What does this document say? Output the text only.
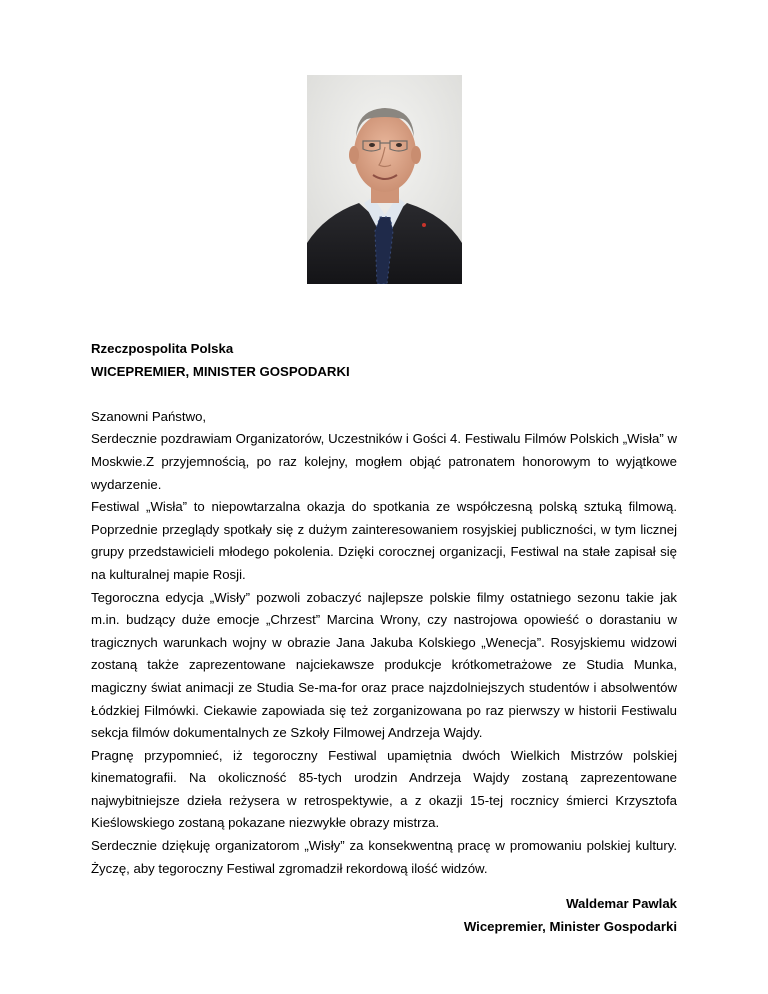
Rzeczpospolita Polska

WICEPREMIER, MINISTER GOSPODARKI

Szanowni Państwo,

Serdecznie pozdrawiam Organizatorów, Uczestników i Gości 4. Festiwalu Filmów Polskich „Wisła” w Moskwie.Z przyjemnością, po raz kolejny, mogłem objąć patronatem honorowym to wyjątkowe wydarzenie.

Festiwal „Wisła” to niepowtarzalna okazja do spotkania ze współczesną polską sztuką filmową. Poprzednie przeglądy spotkały się z dużym zainteresowaniem rosyjskiej publiczności, w tym licznej grupy przedstawicieli młodego pokolenia. Dzięki corocznej organizacji, Festiwal na stałe zapisał się na kulturalnej mapie Rosji.

Tegoroczna edycja „Wisły” pozwoli zobaczyć najlepsze polskie filmy ostatniego sezonu takie jak m.in. budzący duże emocje „Chrzest” Marcina Wrony, czy nastrojowa opowieść o dorastaniu w tragicznych warunkach wojny w obrazie Jana Jakuba Kolskiego „Wenecja”. Rosyjskiemu widzowi zostaną także zaprezentowane najciekawsze produkcje krótkometrażowe ze Studia Munka, magiczny świat animacji ze Studia Se-ma-for oraz prace najzdolniejszych studentów i absolwentów Łódzkiej Filmówki. Ciekawie zapowiada się też zorganizowana po raz pierwszy w historii Festiwalu sekcja filmów dokumentalnych ze Szkoły Filmowej Andrzeja Wajdy.

Pragnę przypomnieć, iż tegoroczny Festiwal upamiętnia dwóch Wielkich Mistrzów polskiej kinematografii. Na okoliczność 85-tych urodzin Andrzeja Wajdy zostaną zaprezentowane najwybitniejsze dzieła reżysera w retrospektywie, a z okazji 15-tej rocznicy śmierci Krzysztofa Kieślowskiego zostaną pokazane niezwykłe obrazy mistrza.

Serdecznie dziękuję organizatorom „Wisły” za konsekwentną pracę w promowaniu polskiej kultury. Życzę, aby tegoroczny Festiwal zgromadził rekordową ilość widzów.

Waldemar Pawlak
Wicepremier, Minister Gospodarki
